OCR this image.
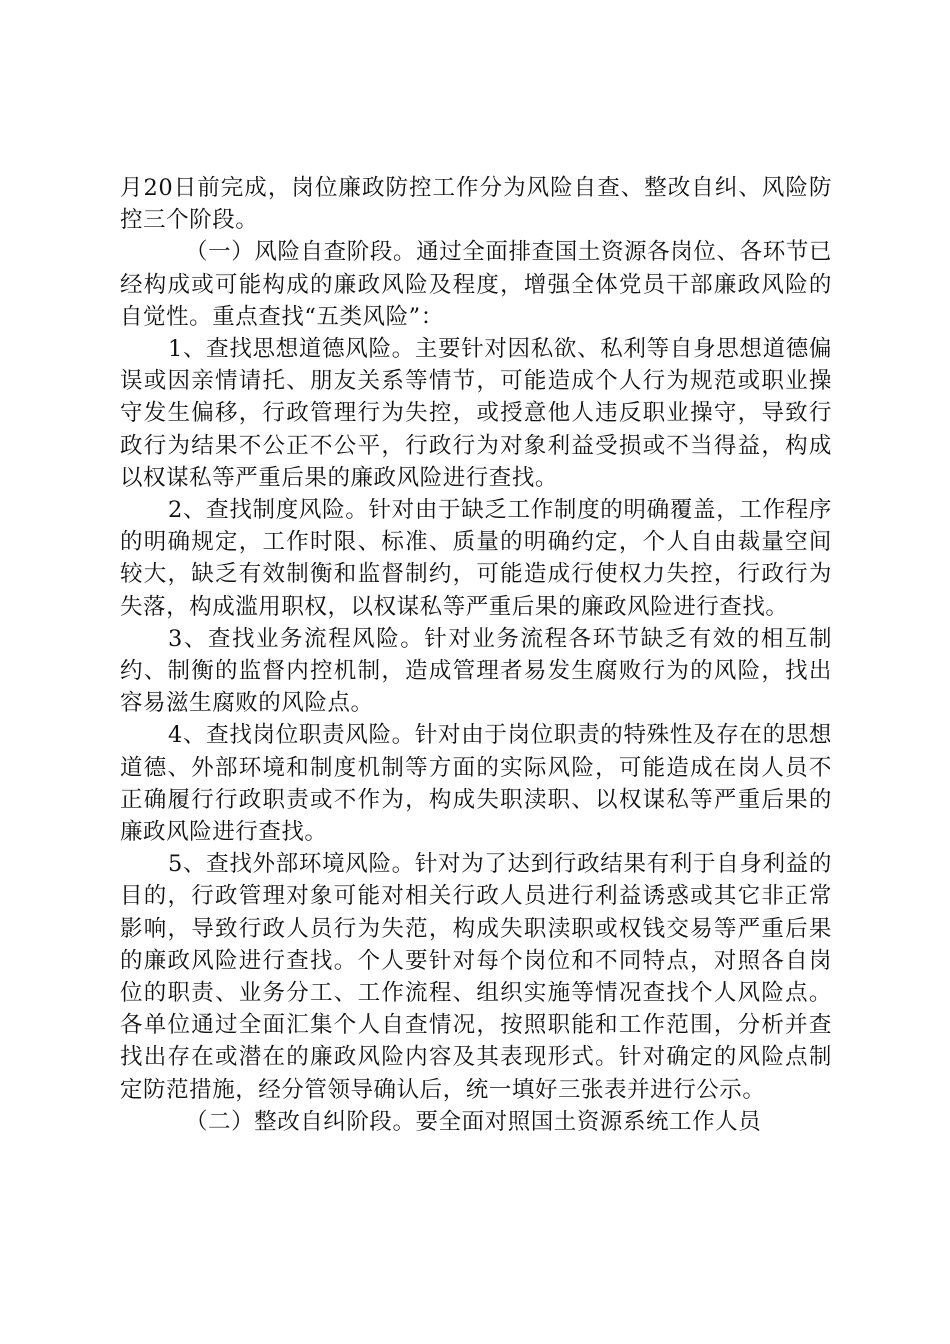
月20日前完成，岗位廉政防控工作分为风险自查、整改自纠、风险防控三个阶段。

（一）风险自查阶段。通过全面排查国土资源各岗位、各环节已经构成或可能构成的廉政风险及程度，增强全体党员干部廉政风险的自觉性。重点查找“五类风险”：

1、查找思想道德风险。主要针对因私欲、私利等自身思想道德偏误或因亲情请托、朋友关系等情节，可能造成个人行为规范或职业操守发生偏移，行政管理行为失控，或授意他人违反职业操守，导致行政行为结果不公正不公平，行政行为对象利益受损或不当得益，构成以权谋私等严重后果的廉政风险进行查找。

2、查找制度风险。针对由于缺乏工作制度的明确覆盖，工作程序的明确规定，工作时限、标准、质量的明确约定，个人自由裁量空间较大，缺乏有效制衡和监督制约，可能造成行使权力失控，行政行为失落，构成滥用职权，以权谋私等严重后果的廉政风险进行查找。

3、查找业务流程风险。针对业务流程各环节缺乏有效的相互制约、制衡的监督内控机制，造成管理者易发生腐败行为的风险，找出容易滋生腐败的风险点。

4、查找岗位职责风险。针对由于岗位职责的特殊性及存在的思想道德、外部环境和制度机制等方面的实际风险，可能造成在岗人员不正确履行行政职责或不作为，构成失职渎职、以权谋私等严重后果的廉政风险进行查找。

5、查找外部环境风险。针对为了达到行政结果有利于自身利益的目的，行政管理对象可能对相关行政人员进行利益诱惑或其它非正常影响，导致行政人员行为失范，构成失职渎职或权钱交易等严重后果的廉政风险进行查找。个人要针对每个岗位和不同特点，对照各自岗位的职责、业务分工、工作流程、组织实施等情况查找个人风险点。各单位通过全面汇集个人自查情况，按照职能和工作范围，分析并查找出存在或潜在的廉政风险内容及其表现形式。针对确定的风险点制定防范措施，经分管领导确认后，统一填好三张表并进行公示。

（二）整改自纠阶段。要全面对照国土资源系统工作人员
